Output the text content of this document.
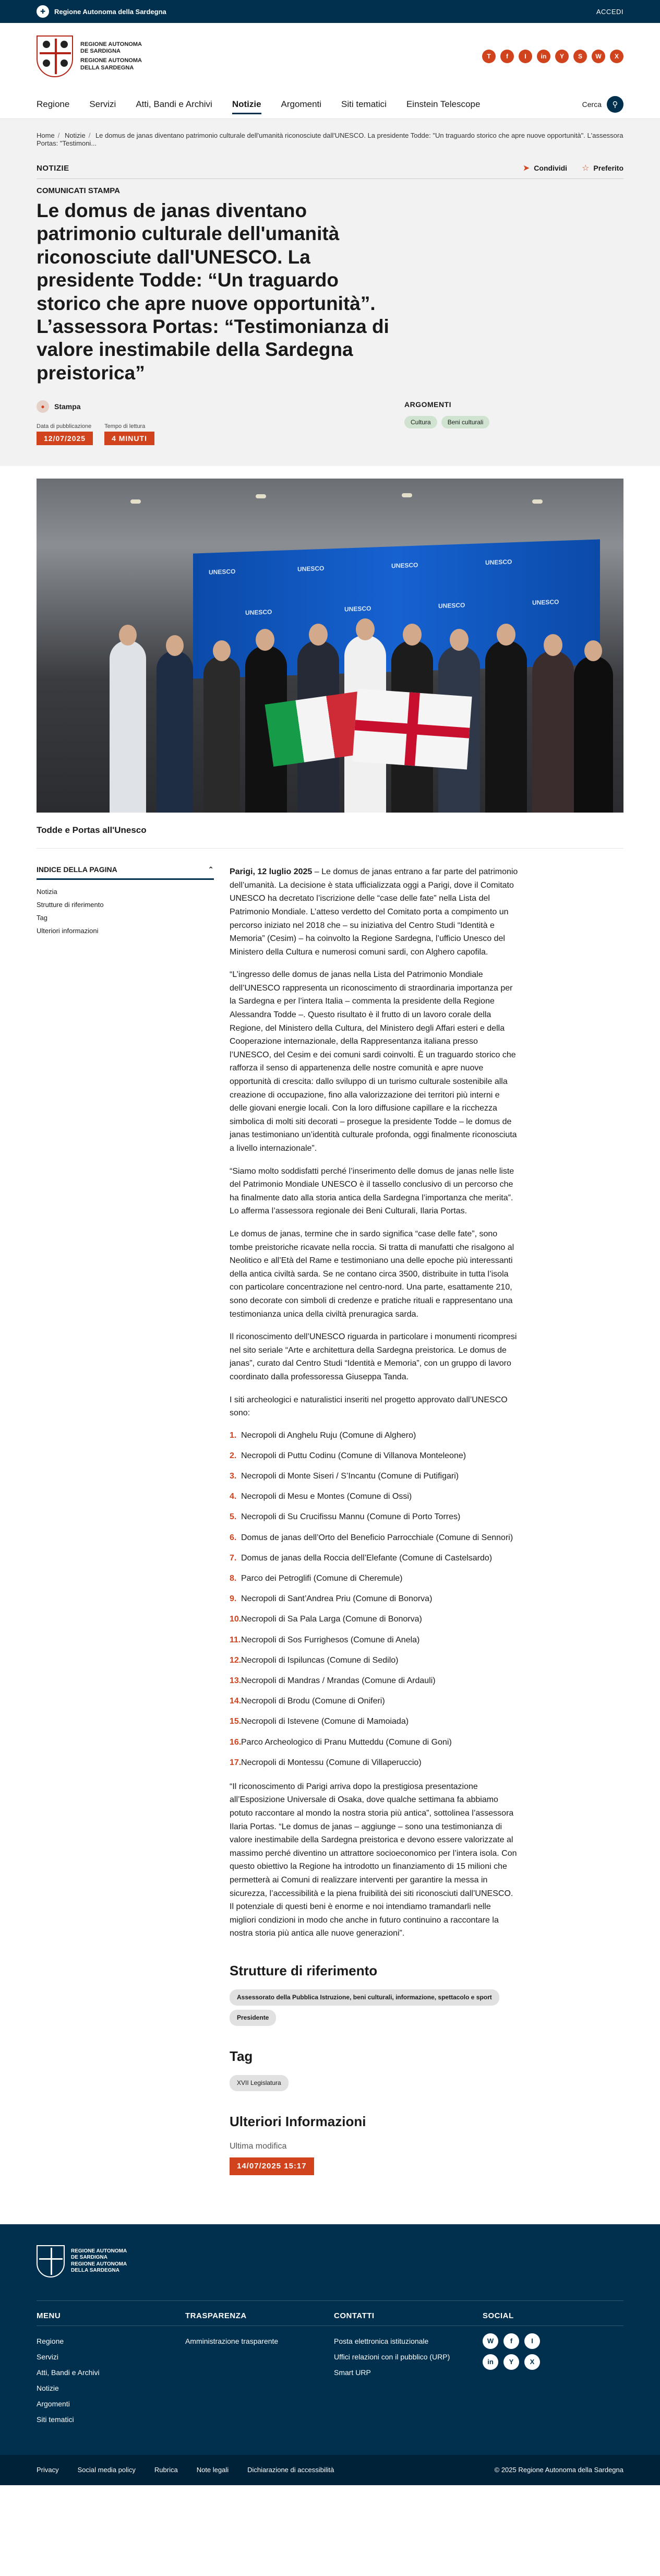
✚	Regione Autonoma della Sardegna	ACCEDI
REGIONE AUTONOMA
DE SARDIGNA
REGIONE AUTONOMA
DELLA SARDEGNA
T	f	I	in	Y	S	W	X
Regione Servizi Atti, Bandi e Archivi Notizie Argomenti Siti tematici Einstein Telescope	Cerca	⚲
Home / Notizie / Le domus de janas diventano patrimonio culturale dell'umanità riconosciute dall'UNESCO. La presidente Todde: "Un traguardo storico che apre nuove opportunità". L'assessora Portas: "Testimoni...
NOTIZIE	➤ Condividi ☆ Preferito
COMUNICATI STAMPA
Le domus de janas diventano patrimonio culturale dell'umanità riconosciute dall'UNESCO. La presidente Todde: “Un traguardo storico che apre nuove opportunità”. L’assessora Portas: “Testimonianza di valore inestimabile della Sardegna preistorica”
●	Stampa
Data di pubblicazione
12/07/2025
Tempo di lettura
4 MINUTI
ARGOMENTI
Cultura	Beni culturali
UNESCO	UNESCO	UNESCO	UNESCO
UNESCO	UNESCO	UNESCO	UNESCO
Todde e Portas all'Unesco
INDICE DELLA PAGINA	⌃
Notizia
Strutture di riferimento
Tag
Ulteriori informazioni

Parigi, 12 luglio 2025 – Le domus de janas entrano a far parte del patrimonio dell’umanità. La decisione è stata ufficializzata oggi a Parigi, dove il Comitato UNESCO ha decretato l’iscrizione delle “case delle fate” nella Lista del Patrimonio Mondiale. L’atteso verdetto del Comitato porta a compimento un percorso iniziato nel 2018 che – su iniziativa del Centro Studi “Identità e Memoria” (Cesim) – ha coinvolto la Regione Sardegna, l’ufficio Unesco del Ministero della Cultura e numerosi comuni sardi, con Alghero capofila.

“L’ingresso delle domus de janas nella Lista del Patrimonio Mondiale dell’UNESCO rappresenta un riconoscimento di straordinaria importanza per la Sardegna e per l’intera Italia – commenta la presidente della Regione Alessandra Todde –. Questo risultato è il frutto di un lavoro corale della Regione, del Ministero della Cultura, del Ministero degli Affari esteri e della Cooperazione internazionale, della Rappresentanza italiana presso l’UNESCO, del Cesim e dei comuni sardi coinvolti. È un traguardo storico che rafforza il senso di appartenenza delle nostre comunità e apre nuove opportunità di crescita: dallo sviluppo di un turismo culturale sostenibile alla creazione di occupazione, fino alla valorizzazione dei territori più interni e delle giovani energie locali. Con la loro diffusione capillare e la ricchezza simbolica di molti siti decorati – prosegue la presidente Todde – le domus de janas testimoniano un’identità culturale profonda, oggi finalmente riconosciuta a livello internazionale”.

“Siamo molto soddisfatti perché l’inserimento delle domus de janas nelle liste del Patrimonio Mondiale UNESCO è il tassello conclusivo di un percorso che ha finalmente dato alla storia antica della Sardegna l’importanza che merita”. Lo afferma l’assessora regionale dei Beni Culturali, Ilaria Portas.

Le domus de janas, termine che in sardo significa “case delle fate”, sono tombe preistoriche ricavate nella roccia. Si tratta di manufatti che risalgono al Neolitico e all’Età del Rame e testimoniano una delle epoche più interessanti della antica civiltà sarda. Se ne contano circa 3500, distribuite in tutta l’isola con particolare concentrazione nel centro-nord. Una parte, esattamente 210, sono decorate con simboli di credenze e pratiche rituali e rappresentano una testimonianza unica della civiltà prenuragica sarda.

Il riconoscimento dell’UNESCO riguarda in particolare i monumenti ricompresi nel sito seriale “Arte e architettura della Sardegna preistorica. Le domus de janas”, curato dal Centro Studi “Identità e Memoria”, con un gruppo di lavoro coordinato dalla professoressa Giuseppa Tanda.

I siti archeologici e naturalistici inseriti nel progetto approvato dall’UNESCO sono:

1. Necropoli di Anghelu Ruju (Comune di Alghero)
2. Necropoli di Puttu Codinu (Comune di Villanova Monteleone)
3. Necropoli di Monte Siseri / S’Incantu (Comune di Putifigari)
4. Necropoli di Mesu e Montes (Comune di Ossi)
5. Necropoli di Su Crucifissu Mannu (Comune di Porto Torres)
6. Domus de janas dell’Orto del Beneficio Parrocchiale (Comune di Sennori)
7. Domus de janas della Roccia dell’Elefante (Comune di Castelsardo)
8. Parco dei Petroglifi (Comune di Cheremule)
9. Necropoli di Sant’Andrea Priu (Comune di Bonorva)
10. Necropoli di Sa Pala Larga (Comune di Bonorva)
11. Necropoli di Sos Furrighesos (Comune di Anela)
12. Necropoli di Ispiluncas (Comune di Sedilo)
13. Necropoli di Mandras / Mrandas (Comune di Ardauli)
14. Necropoli di Brodu (Comune di Oniferi)
15. Necropoli di Istevene (Comune di Mamoiada)
16. Parco Archeologico di Pranu Mutteddu (Comune di Goni)
17. Necropoli di Montessu (Comune di Villaperuccio)

“Il riconoscimento di Parigi arriva dopo la prestigiosa presentazione all’Esposizione Universale di Osaka, dove qualche settimana fa abbiamo potuto raccontare al mondo la nostra storia più antica”, sottolinea l’assessora Ilaria Portas. “Le domus de janas – aggiunge – sono una testimonianza di valore inestimabile della Sardegna preistorica e devono essere valorizzate al massimo perché diventino un attrattore socioeconomico per l’intera isola. Con questo obiettivo la Regione ha introdotto un finanziamento di 15 milioni che permetterà ai Comuni di realizzare interventi per garantire la messa in sicurezza, l’accessibilità e la piena fruibilità dei siti riconosciuti dall’UNESCO. Il potenziale di questi beni è enorme e noi intendiamo tramandarli nelle migliori condizioni in modo che anche in futuro continuino a raccontare la nostra storia più antica alle nuove generazioni”.

Strutture di riferimento
Assessorato della Pubblica Istruzione, beni culturali, informazione, spettacolo e sport
Presidente
Tag
XVII Legislatura
Ulteriori Informazioni
Ultima modifica
14/07/2025 15:17
REGIONE AUTONOMA
DE SARDIGNA
REGIONE AUTONOMA
DELLA SARDEGNA
MENU
Regione
Servizi
Atti, Bandi e Archivi
Notizie
Argomenti
Siti tematici
TRASPARENZA
Amministrazione trasparente
CONTATTI
Posta elettronica istituzionale
Uffici relazioni con il pubblico (URP)
Smart URP
SOCIAL
W	f	I
in	Y	X
Privacy	Social media policy	Rubrica	Note legali	Dichiarazione di accessibilità	© 2025 Regione Autonoma della Sardegna
